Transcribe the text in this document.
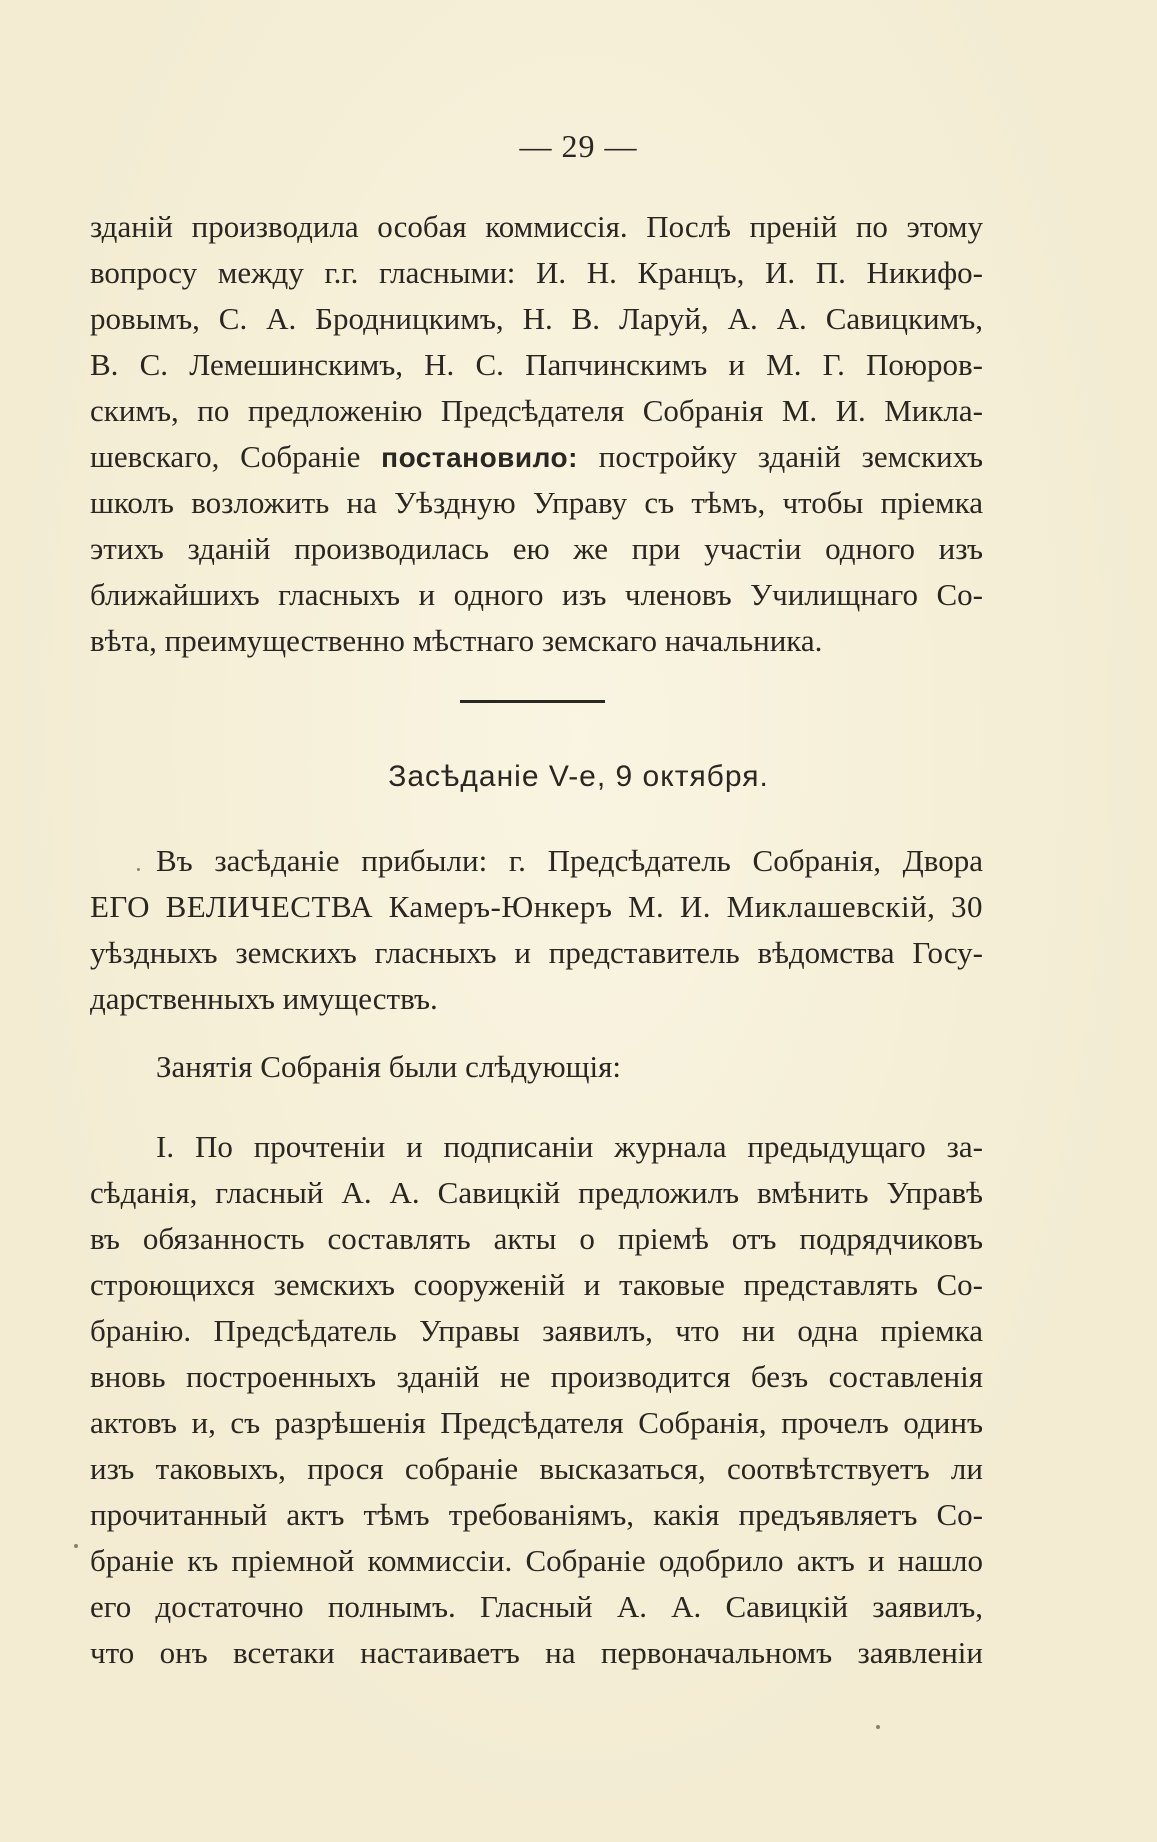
— 29 —
зданій производила особая коммиссія. Послѣ преній по этому
вопросу между г.г. гласными: И. Н. Кранцъ, И. П. Никифо-
ровымъ, С. А. Бродницкимъ, Н. В. Ларуй, А. А. Савицкимъ,
В. С. Лемешинскимъ, Н. С. Папчинскимъ и М. Г. Поюров-
скимъ, по предложенію Предсѣдателя Собранія М. И. Микла-
шевскаго, Собраніе постановило: постройку зданій земскихъ
школъ возложить на Уѣздную Управу съ тѣмъ, чтобы пріемка
этихъ зданій производилась ею же при участіи одного изъ
ближайшихъ гласныхъ и одного изъ членовъ Училищнаго Со-
вѣта, преимущественно мѣстнаго земскаго начальника.
Засѣданіе V-е, 9 октября.
Въ засѣданіе прибыли: г. Предсѣдатель Собранія, Двора
ЕГО ВЕЛИЧЕСТВА Камеръ-Юнкеръ М. И. Миклашевскій, 30
уѣздныхъ земскихъ гласныхъ и представитель вѣдомства Госу-
дарственныхъ имуществъ.
Занятія Собранія были слѣдующія:
I. По прочтеніи и подписаніи журнала предыдущаго за-
сѣданія, гласный А. А. Савицкій предложилъ вмѣнить Управѣ
въ обязанность составлять акты о пріемѣ отъ подрядчиковъ
строющихся земскихъ сооруженій и таковые представлять Со-
бранію. Предсѣдатель Управы заявилъ, что ни одна пріемка
вновь построенныхъ зданій не производится безъ составленія
актовъ и, съ разрѣшенія Предсѣдателя Собранія, прочелъ одинъ
изъ таковыхъ, прося собраніе высказаться, соотвѣтствуетъ ли
прочитанный актъ тѣмъ требованіямъ, какія предъявляетъ Со-
браніе къ пріемной коммиссіи. Собраніе одобрило актъ и нашло
его достаточно полнымъ. Гласный А. А. Савицкій заявилъ,
что онъ всетаки настаиваетъ на первоначальномъ заявленіи
